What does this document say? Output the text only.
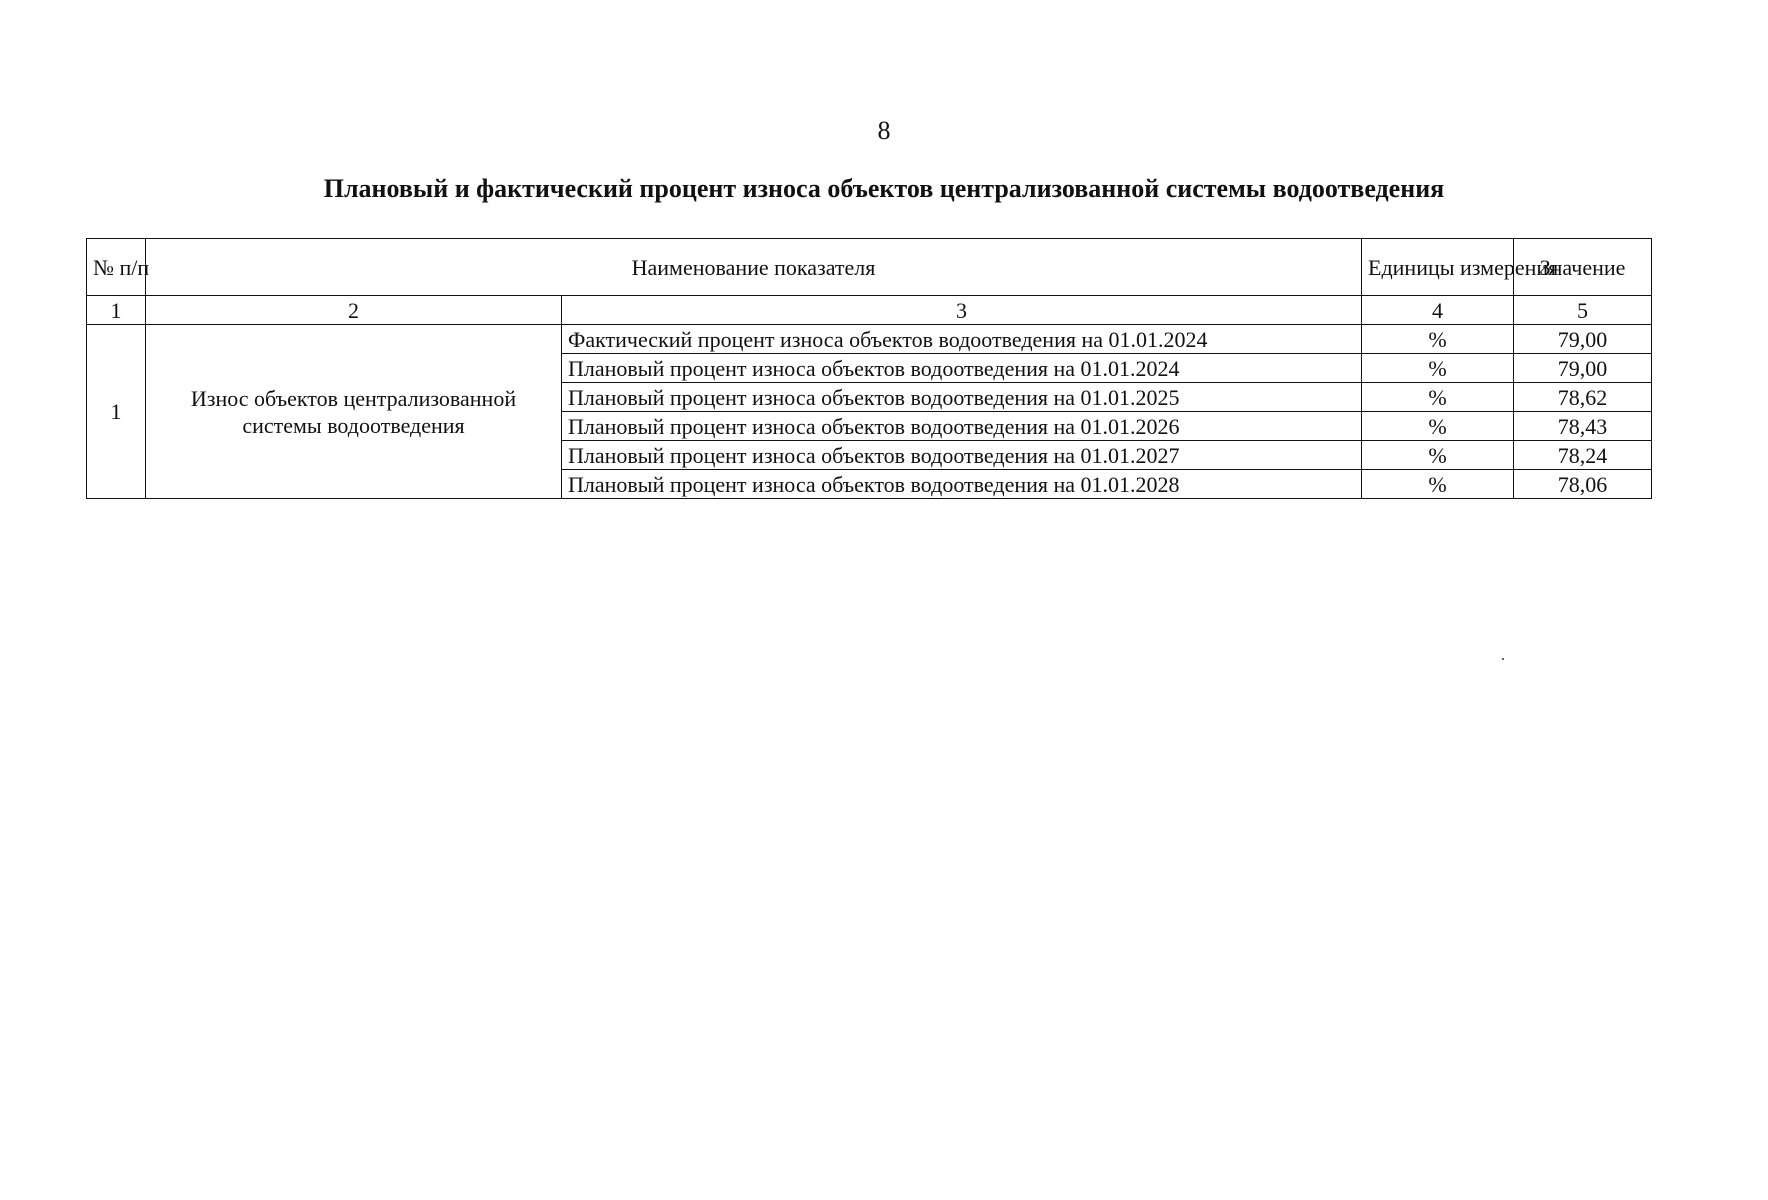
8
Плановый и фактический процент износа объектов централизованной системы водоотведения
№ п/п	Наименование показателя		Единицы измерения	Значение
1	2	3	4	5
1	Износ объектов централизованной системы водоотведения	Фактический процент износа объектов водоотведения на 01.01.2024	%	79,00
		Плановый процент износа объектов водоотведения на 01.01.2024	%	79,00
		Плановый процент износа объектов водоотведения на 01.01.2025	%	78,62
		Плановый процент износа объектов водоотведения на 01.01.2026	%	78,43
		Плановый процент износа объектов водоотведения на 01.01.2027	%	78,24
		Плановый процент износа объектов водоотведения на 01.01.2028	%	78,06
